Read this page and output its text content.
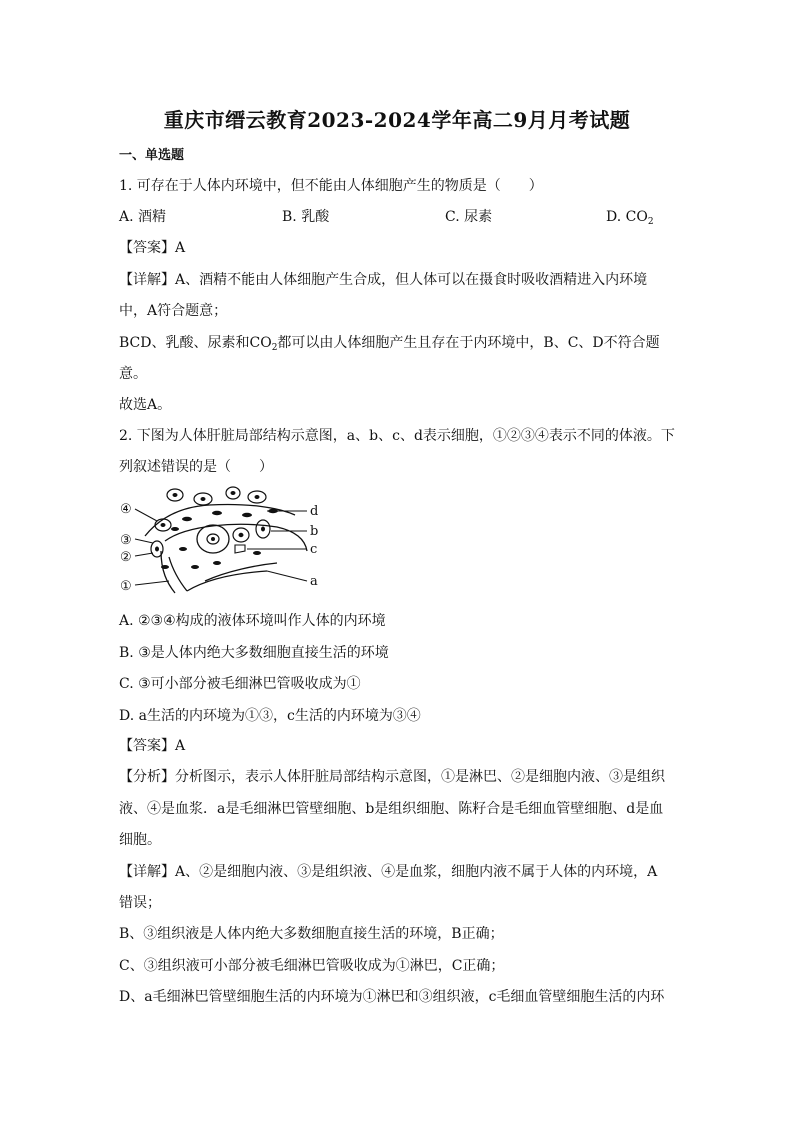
重庆市缙云教育2023-2024学年高二9月月考试题
一、单选题
1. 可存在于人体内环境中，但不能由人体细胞产生的物质是（　　）
A. 酒精	B. 乳酸	C. 尿素	D. $CO_2$
【答案】A
【详解】A、酒精不能由人体细胞产生合成，但人体可以在摄食时吸收酒精进入内环境
中，A符合题意；
BCD、乳酸、尿素和$CO_2$都可以由人体细胞产生且存在于内环境中，B、C、D不符合题
意。
故选A。
2. 下图为人体肝脏局部结构示意图，a、b、c、d表示细胞，①②③④表示不同的体液。下
列叙述错误的是（　　）
④
③
②
①
d
b
c
a
A. ②③④构成的液体环境叫作人体的内环境
B. ③是人体内绝大多数细胞直接生活的环境
C. ③可小部分被毛细淋巴管吸收成为①
D. a生活的内环境为①③，c生活的内环境为③④
【答案】A
【分析】分析图示，表示人体肝脏局部结构示意图，①是淋巴、②是细胞内液、③是组织
液、④是血浆．a是毛细淋巴管壁细胞、b是组织细胞、陈籽合是毛细血管壁细胞、d是血
细胞。
【详解】A、②是细胞内液、③是组织液、④是血浆，细胞内液不属于人体的内环境，A
错误；
B、③组织液是人体内绝大多数细胞直接生活的环境，B正确；
C、③组织液可小部分被毛细淋巴管吸收成为①淋巴，C正确；
D、a毛细淋巴管壁细胞生活的内环境为①淋巴和③组织液，c毛细血管壁细胞生活的内环
